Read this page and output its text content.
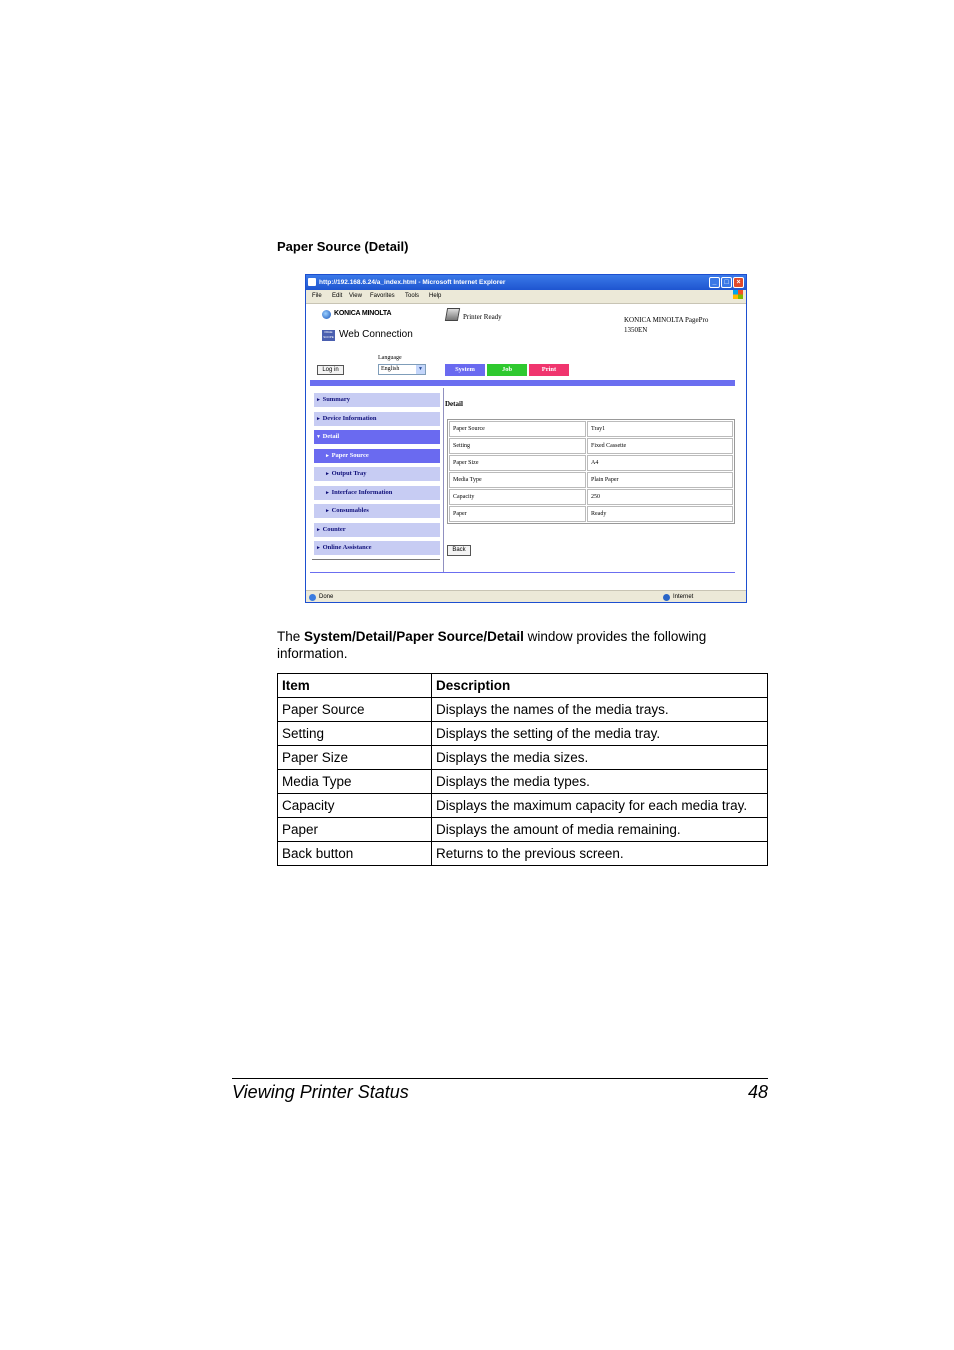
Paper Source (Detail)
http://192.168.6.24/a_index.html - Microsoft Internet Explorer	_	□	×
File Edit View Favorites Tools Help
KONICA MINOLTA
PAGE SCOPE Web Connection
Printer Ready	KONICA MINOLTA PagePro
1350EN
Language
English	▼
Log in	System	Job	Print
► Summary
► Device Information
▼ Detail
► Paper Source
► Output Tray
► Interface Information
► Consumables
► Counter
► Online Assistance
Detail
Paper Source	Tray1
Setting	Fixed Cassette
Paper Size	A4
Media Type	Plain Paper
Capacity	250
Paper	Ready
Back
Done	Internet
The System/Detail/Paper Source/Detail window provides the following information.
Item	Description
Paper Source	Displays the names of the media trays.
Setting	Displays the setting of the media tray.
Paper Size	Displays the media sizes.
Media Type	Displays the media types.
Capacity	Displays the maximum capacity for each media tray.
Paper	Displays the amount of media remaining.
Back button	Returns to the previous screen.
Viewing Printer Status	48
